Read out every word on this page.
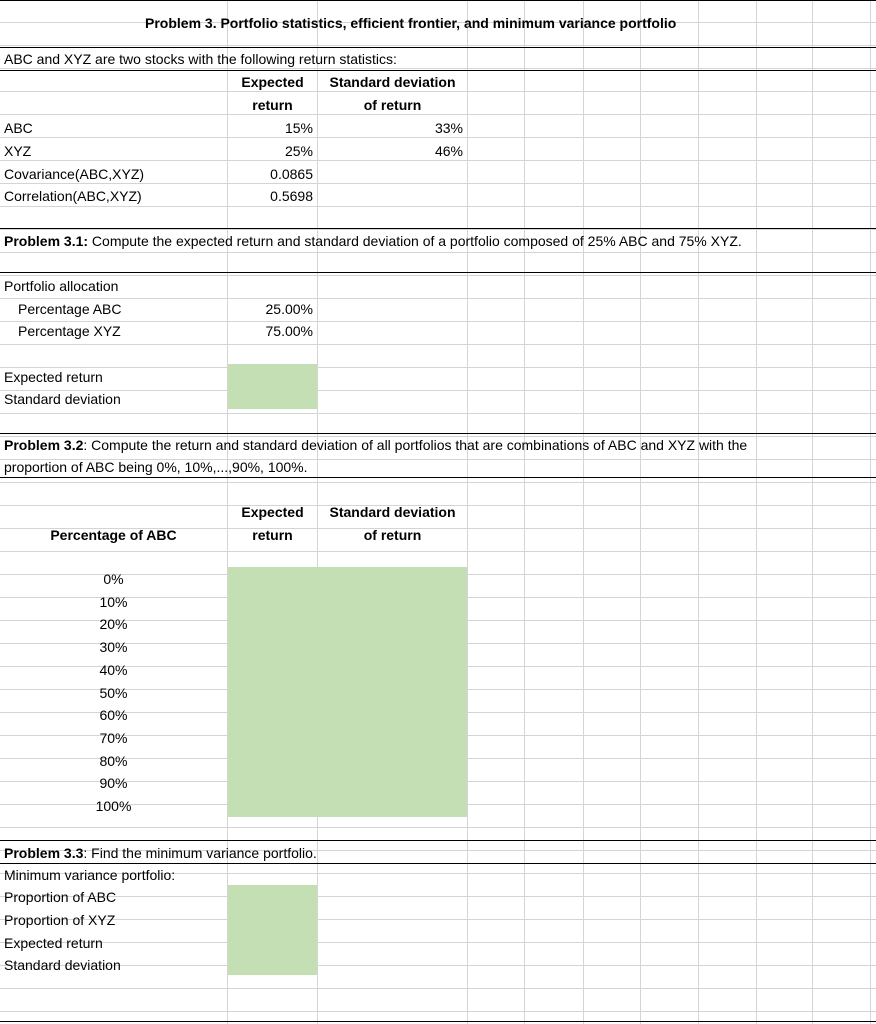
Problem 3. Portfolio statistics, efficient frontier, and minimum variance portfolio
ABC and XYZ are two stocks with the following return statistics:
Expected
return
Standard deviation
of return
ABC	15%	33%
XYZ	25%	46%
Covariance(ABC,XYZ)	0.0865
Correlation(ABC,XYZ)	0.5698
Problem 3.1: Compute the expected return and standard deviation of a portfolio composed of 25% ABC and 75% XYZ.
Portfolio allocation
Percentage ABC	25.00%
Percentage XYZ	75.00%
Expected return
Standard deviation
Problem 3.2: Compute the return and standard deviation of all portfolios that are combinations of ABC and XYZ with the
proportion of ABC being 0%, 10%,...,90%, 100%.
Percentage of ABC
Expected
return
Standard deviation
of return
0%
10%
20%
30%
40%
50%
60%
70%
80%
90%
100%
Problem 3.3: Find the minimum variance portfolio.
Minimum variance portfolio:
Proportion of ABC
Proportion of XYZ
Expected return
Standard deviation
